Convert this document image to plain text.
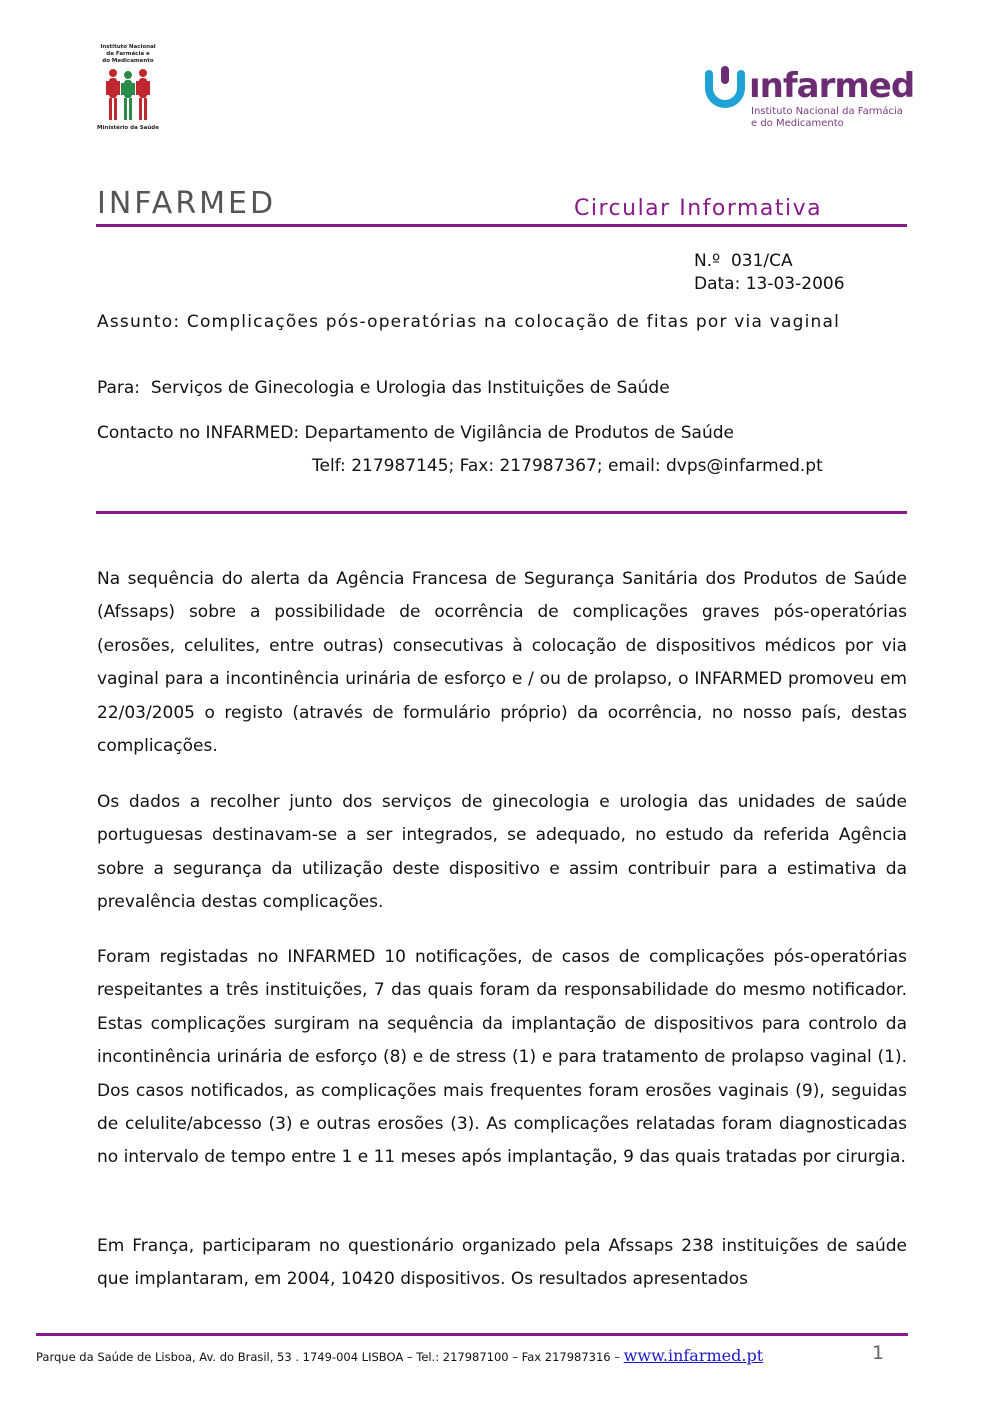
Instituto Nacional
de Farmácia e
do Medicamento
Ministério da Saúde
ınfarmed
Instituto Nacional da Farmácia
e do Medicamento
INFARMED	Circular Informativa
N.º  031/CA
Data: 13-03-2006
Assunto: Complicações pós-operatórias na colocação de fitas por via vaginal
Para:  Serviços de Ginecologia e Urologia das Instituições de Saúde
Contacto no INFARMED: Departamento de Vigilância de Produtos de Saúde
Telf: 217987145; Fax: 217987367; email: dvps@infarmed.pt
Na sequência do alerta da Agência Francesa de Segurança Sanitária dos Produtos de Saúde (Afssaps) sobre a possibilidade de ocorrência de complicações graves pós-operatórias (erosões, celulites, entre outras) consecutivas à colocação de dispositivos médicos por via vaginal para a incontinência urinária de esforço e / ou de prolapso, o INFARMED promoveu em 22/03/2005 o registo (através de formulário próprio) da ocorrência, no nosso país, destas complicações.
Os dados a recolher junto dos serviços de ginecologia e urologia das unidades de saúde portuguesas destinavam-se a ser integrados, se adequado, no estudo da referida Agência sobre a segurança da utilização deste dispositivo e assim contribuir para a estimativa da prevalência destas complicações.
Foram registadas no INFARMED 10 notificações, de casos de complicações pós-operatórias respeitantes a três instituições, 7 das quais foram da responsabilidade do mesmo notificador. Estas complicações surgiram na sequência da implantação de dispositivos para controlo da incontinência urinária de esforço (8) e de stress (1) e para tratamento de prolapso vaginal (1). Dos casos notificados, as complicações mais frequentes foram erosões vaginais (9), seguidas de celulite/abcesso (3) e outras erosões (3). As complicações relatadas foram diagnosticadas no intervalo de tempo entre 1 e 11 meses após implantação, 9 das quais tratadas por cirurgia.
Em França, participaram no questionário organizado pela Afssaps 238 instituições de saúde que implantaram, em 2004, 10420 dispositivos. Os resultados apresentados
Parque da Saúde de Lisboa, Av. do Brasil, 53 . 1749-004 LISBOA – Tel.: 217987100 – Fax 217987316 – www.infarmed.pt	1
